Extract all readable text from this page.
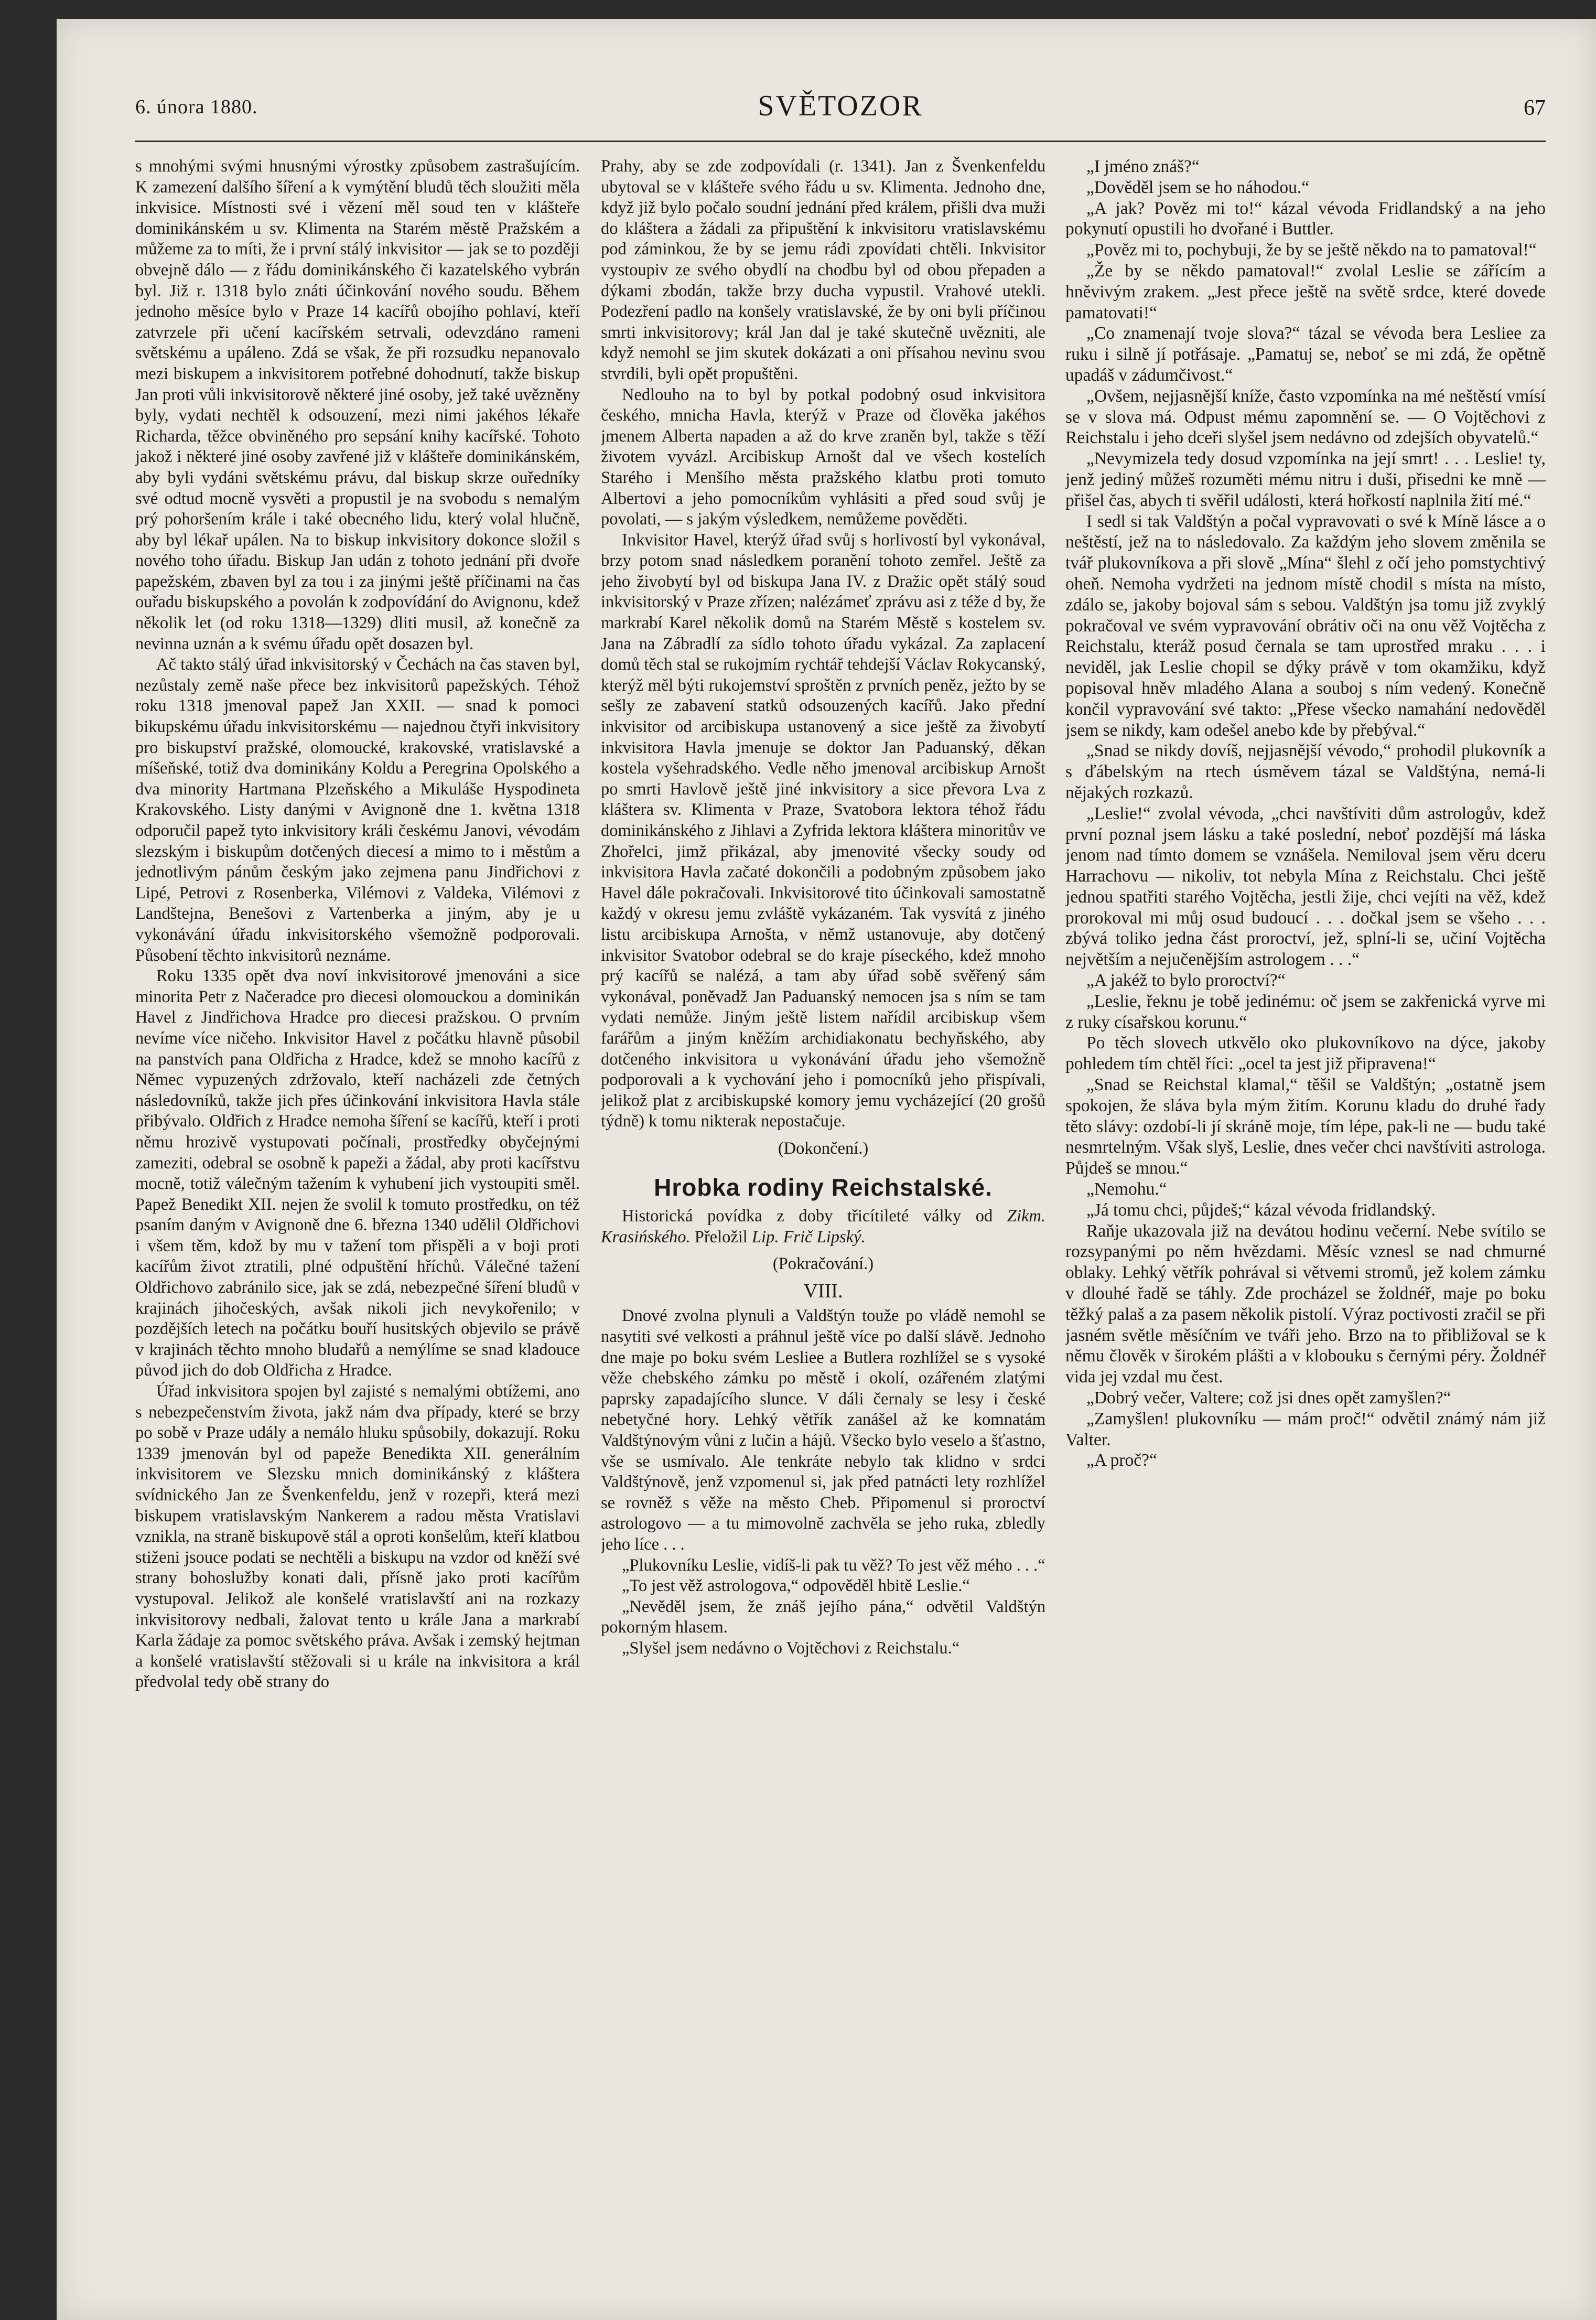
6. února 1880.	SVĚTOZOR	67

s mnohými svými hnusnými výrostky způsobem zastrašujícím. K zamezení dalšího šíření a k vymýtění bludů těch sloužiti měla inkvisice. Místnosti své i vězení měl soud ten v klášteře dominikánském u sv. Klimenta na Starém městě Pražském a můžeme za to míti, že i první stálý inkvisitor — jak se to později obvejně dálo — z řádu dominikánského či kazatelského vybrán byl. Již r. 1318 bylo znáti účinkování nového soudu. Během jednoho měsíce bylo v Praze 14 kacířů obojího pohlaví, kteří zatvrzele při učení kacířském setrvali, odevzdáno rameni světskému a upáleno. Zdá se však, že při rozsudku nepanovalo mezi biskupem a inkvisitorem potřebné dohodnutí, takže biskup Jan proti vůli inkvisitorově některé jiné osoby, jež také uvězněny byly, vydati nechtěl k odsouzení, mezi nimi jakéhos lékaře Richarda, těžce obviněného pro sepsání knihy kacířské. Tohoto jakož i některé jiné osoby zavřené již v klášteře dominikánském, aby byli vydáni světskému právu, dal biskup skrze ouředníky své odtud mocně vysvěti a propustil je na svobodu s nemalým prý pohoršením krále i také obecného lidu, který volal hlučně, aby byl lékař upálen. Na to biskup inkvisitory dokonce složil s nového toho úřadu. Biskup Jan udán z tohoto jednání při dvoře papežském, zbaven byl za tou i za jinými ještě příčinami na čas ouřadu biskupského a povolán k zodpovídání do Avignonu, kdež několik let (od roku 1318—1329) dliti musil, až konečně za nevinna uznán a k svému úřadu opět dosazen byl.

Ač takto stálý úřad inkvisitorský v Čechách na čas staven byl, nezůstaly země naše přece bez inkvisitorů papežských. Téhož roku 1318 jmenoval papež Jan XXII. — snad k pomoci bikupskému úřadu inkvisitorskému — najednou čtyři inkvisitory pro biskupství pražské, olomoucké, krakovské, vratislavské a míšeňské, totiž dva dominikány Koldu a Peregrina Opolského a dva minority Hartmana Plzeňského a Mikuláše Hyspodineta Krakovského. Listy danými v Avignoně dne 1. května 1318 odporučil papež tyto inkvisitory králi českému Janovi, vévodám slezským i biskupům dotčených diecesí a mimo to i městům a jednotlivým pánům českým jako zejmena panu Jindřichovi z Lipé, Petrovi z Rosenberka, Vilémovi z Valdeka, Vilémovi z Landštejna, Benešovi z Vartenberka a jiným, aby je u vykonávání úřadu inkvisitorského všemožně podporovali. Působení těchto inkvisitorů neznáme.

Roku 1335 opět dva noví inkvisitorové jmenováni a sice minorita Petr z Načeradce pro diecesi olomouckou a dominikán Havel z Jindřichova Hradce pro diecesi pražskou. O prvním nevíme více ničeho. Inkvisitor Havel z počátku hlavně působil na panstvích pana Oldřicha z Hradce, kdež se mnoho kacířů z Němec vypuzených zdržovalo, kteří nacházeli zde četných následovníků, takže jich přes účinkování inkvisitora Havla stále přibývalo. Oldřich z Hradce nemoha šíření se kacířů, kteří i proti němu hrozivě vystupovati počínali, prostředky obyčejnými zameziti, odebral se osobně k papeži a žádal, aby proti kacířstvu mocně, totiž válečným tažením k vyhubení jich vystoupiti směl. Papež Benedikt XII. nejen že svolil k tomuto prostředku, on též psaním daným v Avignoně dne 6. března 1340 udělil Oldřichovi i všem těm, kdož by mu v tažení tom přispěli a v boji proti kacířům život ztratili, plné odpuštění hříchů. Válečné tažení Oldřichovo zabránilo sice, jak se zdá, nebezpečné šíření bludů v krajinách jihočeských, avšak nikoli jich nevykořenilo; v pozdějších letech na počátku bouří husitských objevilo se právě v krajinách těchto mnoho bludařů a nemýlíme se snad kladouce původ jich do dob Oldřicha z Hradce.

Úřad inkvisitora spojen byl zajisté s nemalými obtížemi, ano s nebezpečenstvím života, jakž nám dva případy, které se brzy po sobě v Praze udály a nemálo hluku spůsobily, dokazují. Roku 1339 jmenován byl od papeže Benedikta XII. generálním inkvisitorem ve Slezsku mnich dominikánský z kláštera svídnického Jan ze Švenkenfeldu, jenž v rozepři, která mezi biskupem vratislavským Nankerem a radou města Vratislavi vznikla, na straně biskupově stál a oproti konšelům, kteří klatbou stiženi jsouce podati se nechtěli a biskupu na vzdor od kněží své strany bohoslužby konati dali, přísně jako proti kacířům vystupoval. Jelikož ale konšelé vratislavští ani na rozkazy inkvisitorovy nedbali, žalovat tento u krále Jana a markrabí Karla žádaje za pomoc světského práva. Avšak i zemský hejtman a konšelé vratislavští stěžovali si u krále na inkvisitora a král předvolal tedy obě strany do

Prahy, aby se zde zodpovídali (r. 1341). Jan z Švenkenfeldu ubytoval se v klášteře svého řádu u sv. Klimenta. Jednoho dne, když již bylo počalo soudní jednání před králem, přišli dva muži do kláštera a žádali za připuštění k inkvisitoru vratislavskému pod záminkou, že by se jemu rádi zpovídati chtěli. Inkvisitor vystoupiv ze svého obydlí na chodbu byl od obou přepaden a dýkami zbodán, takže brzy ducha vypustil. Vrahové utekli. Podezření padlo na konšely vratislavské, že by oni byli příčinou smrti inkvisitorovy; král Jan dal je také skutečně uvězniti, ale když nemohl se jim skutek dokázati a oni přísahou nevinu svou stvrdili, byli opět propuštěni.

Nedlouho na to byl by potkal podobný osud inkvisitora českého, mnicha Havla, kterýž v Praze od člověka jakéhos jmenem Alberta napaden a až do krve zraněn byl, takže s těží životem vyvázl. Arcibiskup Arnošt dal ve všech kostelích Starého i Menšího města pražského klatbu proti tomuto Albertovi a jeho pomocníkům vyhlásiti a před soud svůj je povolati, — s jakým výsledkem, nemůžeme pověděti.

Inkvisitor Havel, kterýž úřad svůj s horlivostí byl vykonával, brzy potom snad následkem poranění tohoto zemřel. Ještě za jeho živobytí byl od biskupa Jana IV. z Dražic opět stálý soud inkvisitorský v Praze zřízen; nalézámeť zprávu asi z téže d by, že markrabí Karel několik domů na Starém Městě s kostelem sv. Jana na Zábradlí za sídlo tohoto úřadu vykázal. Za zaplacení domů těch stal se rukojmím rychtář tehdejší Václav Rokycanský, kterýž měl býti rukojemství sproštěn z prvních peněz, ježto by se sešly ze zabavení statků odsouzených kacířů. Jako přední inkvisitor od arcibiskupa ustanovený a sice ještě za živobytí inkvisitora Havla jmenuje se doktor Jan Paduanský, děkan kostela vyšehradského. Vedle něho jmenoval arcibiskup Arnošt po smrti Havlově ještě jiné inkvisitory a sice převora Lva z kláštera sv. Klimenta v Praze, Svatobora lektora téhož řádu dominikánského z Jihlavi a Zyfrida lektora kláštera minoritův ve Zhořelci, jimž přikázal, aby jmenovité všecky soudy od inkvisitora Havla začaté dokončili a podobným způsobem jako Havel dále pokračovali. Inkvisitorové tito účinkovali samostatně každý v okresu jemu zvláště vykázaném. Tak vysvítá z jiného listu arcibiskupa Arnošta, v němž ustanovuje, aby dotčený inkvisitor Svatobor odebral se do kraje píseckého, kdež mnoho prý kacířů se nalézá, a tam aby úřad sobě svěřený sám vykonával, poněvadž Jan Paduanský nemocen jsa s ním se tam vydati nemůže. Jiným ještě listem nařídil arcibiskup všem farářům a jiným kněžím archidiakonatu bechyňského, aby dotčeného inkvisitora u vykonávání úřadu jeho všemožně podporovali a k vychování jeho i pomocníků jeho přispívali, jelikož plat z arcibiskupské komory jemu vycházející (20 grošů týdně) k tomu nikterak nepostačuje.

(Dokončení.)

Hrobka rodiny Reichstalské.

Historická povídka z doby třicítileté války od Zikm. Krasińského. Přeložil Lip. Frič Lipský.

(Pokračování.)

VIII.

Dnové zvolna plynuli a Valdštýn touže po vládě nemohl se nasytiti své velkosti a práhnul ještě více po další slávě. Jednoho dne maje po boku svém Lesliee a Butlera rozhlížel se s vysoké věže chebského zámku po městě i okolí, ozářeném zlatými paprsky zapadajícího slunce. V dáli černaly se lesy i české nebetyčné hory. Lehký větřík zanášel až ke komnatám Valdštýnovým vůni z lučin a hájů. Všecko bylo veselo a šťastno, vše se usmívalo. Ale tenkráte nebylo tak klidno v srdci Valdštýnově, jenž vzpomenul si, jak před patnácti lety rozhlížel se rovněž s věže na město Cheb. Připomenul si proroctví astrologovo — a tu mimovolně zachvěla se jeho ruka, zbledly jeho líce . . .

„Plukovníku Leslie, vidíš-li pak tu věž? To jest věž mého . . .“

„To jest věž astrologova,“ odpověděl hbitě Leslie.“

„Nevěděl jsem, že znáš jejího pána,“ odvětil Valdštýn pokorným hlasem.

„Slyšel jsem nedávno o Vojtěchovi z Reichstalu.“

„I jméno znáš?“

„Dověděl jsem se ho náhodou.“

„A jak? Pověz mi to!“ kázal vévoda Fridlandský a na jeho pokynutí opustili ho dvořané i Buttler.

„Pověz mi to, pochybuji, že by se ještě někdo na to pamatoval!“

„Že by se někdo pamatoval!“ zvolal Leslie se zářícím a hněvivým zrakem. „Jest přece ještě na světě srdce, které dovede pamatovati!“

„Co znamenají tvoje slova?“ tázal se vévoda bera Lesliee za ruku i silně jí potřásaje. „Pamatuj se, neboť se mi zdá, že opětně upadáš v zádumčivost.“

„Ovšem, nejjasnější kníže, často vzpomínka na mé neštěstí vmísí se v slova má. Odpust mému zapomnění se. — O Vojtěchovi z Reichstalu i jeho dceři slyšel jsem nedávno od zdejších obyvatelů.“

„Nevymizela tedy dosud vzpomínka na její smrt! . . . Leslie! ty, jenž jediný můžeš rozuměti mému nitru i duši, přisedni ke mně — přišel čas, abych ti svěřil události, která hořkostí naplnila žití mé.“

I sedl si tak Valdštýn a počal vypravovati o své k Míně lásce a o neštěstí, jež na to následovalo. Za každým jeho slovem změnila se tvář plukovníkova a při slově „Mína“ šlehl z očí jeho pomstychtivý oheň. Nemoha vydržeti na jednom místě chodil s místa na místo, zdálo se, jakoby bojoval sám s sebou. Valdštýn jsa tomu již zvyklý pokračoval ve svém vypravování obrátiv oči na onu věž Vojtěcha z Reichstalu, kteráž posud černala se tam uprostřed mraku . . . i neviděl, jak Leslie chopil se dýky právě v tom okamžiku, když popisoval hněv mladého Alana a souboj s ním vedený. Konečně končil vypravování své takto: „Přese všecko namahání nedověděl jsem se nikdy, kam odešel anebo kde by přebýval.“

„Snad se nikdy dovíš, nejjasnější vévodo,“ prohodil plukovník a s ďábelským na rtech úsměvem tázal se Valdštýna, nemá-li nějakých rozkazů.

„Leslie!“ zvolal vévoda, „chci navštíviti dům astrologův, kdež první poznal jsem lásku a také poslední, neboť pozdější má láska jenom nad tímto domem se vznášela. Nemiloval jsem věru dceru Harrachovu — nikoliv, tot nebyla Mína z Reichstalu. Chci ještě jednou spatřiti starého Vojtěcha, jestli žije, chci vejíti na věž, kdež prorokoval mi můj osud budoucí . . . dočkal jsem se všeho . . . zbývá toliko jedna část proroctví, jež, splní-li se, učiní Vojtěcha největším a nejučenějším astrologem . . .“

„A jakéž to bylo proroctví?“

„Leslie, řeknu je tobě jedinému: oč jsem se zakřenická vyrve mi z ruky císařskou korunu.“

Po těch slovech utkvělo oko plukovníkovo na dýce, jakoby pohledem tím chtěl říci: „ocel ta jest již připravena!“

„Snad se Reichstal klamal,“ těšil se Valdštýn; „ostatně jsem spokojen, že sláva byla mým žitím. Korunu kladu do druhé řady těto slávy: ozdobí-li jí skráně moje, tím lépe, pak-li ne — budu také nesmrtelným. Však slyš, Leslie, dnes večer chci navštíviti astrologa. Půjdeš se mnou.“

„Nemohu.“

„Já tomu chci, půjdeš;“ kázal vévoda fridlandský.

Raňje ukazovala již na devátou hodinu večerní. Nebe svítilo se rozsypanými po něm hvězdami. Měsíc vznesl se nad chmurné oblaky. Lehký větřík pohrával si větvemi stromů, jež kolem zámku v dlouhé řadě se táhly. Zde procházel se žoldnéř, maje po boku těžký palaš a za pasem několik pistolí. Výraz poctivosti zračil se při jasném světle měsíčním ve tváři jeho. Brzo na to přibližoval se k němu člověk v širokém plášti a v klobouku s černými péry. Žoldnéř vida jej vzdal mu čest.

„Dobrý večer, Valtere; což jsi dnes opět zamyšlen?“

„Zamyšlen! plukovníku — mám proč!“ odvětil známý nám již Valter.

„A proč?“
